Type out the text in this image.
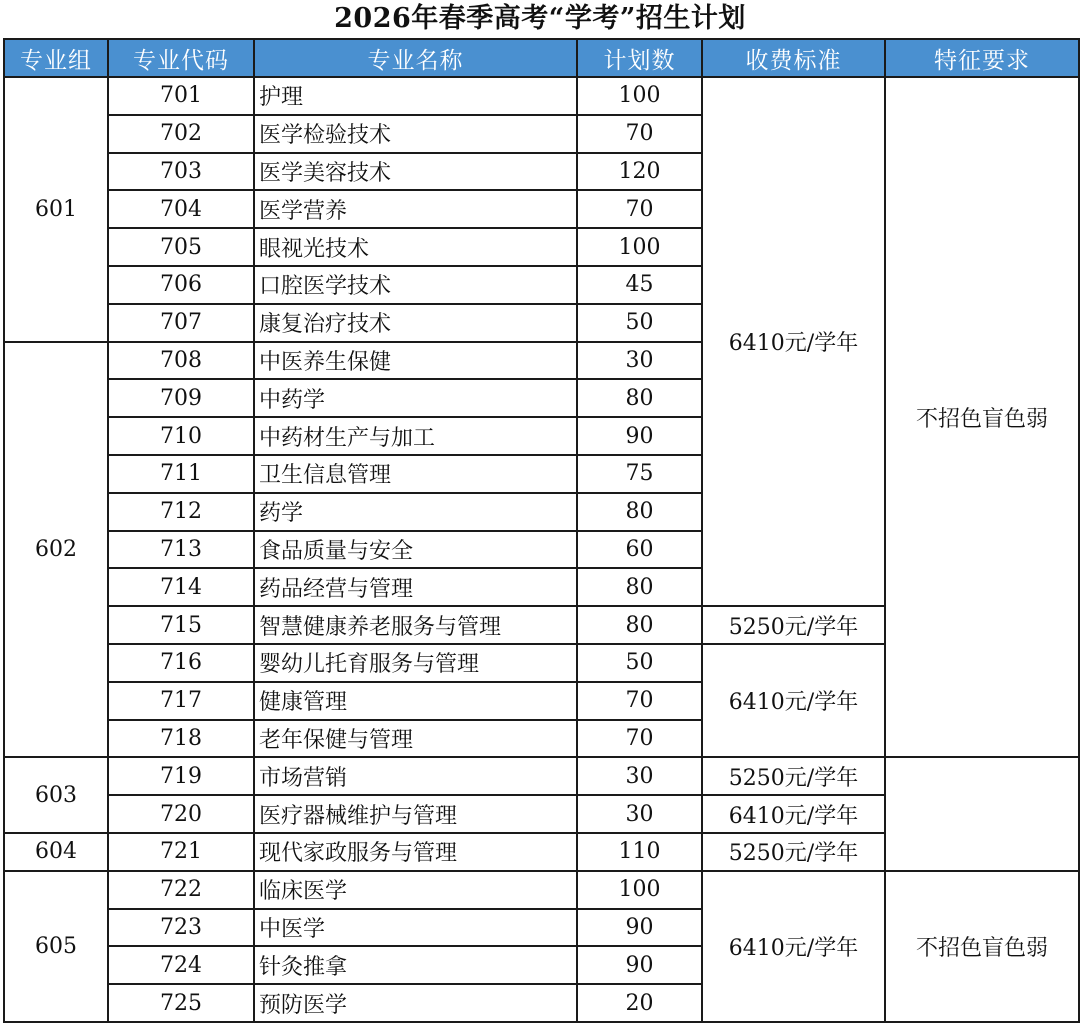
2026年春季高考“学考”招生计划
专业组	专业代码	专业名称	计划数	收费标准	特征要求
601	701	护理	100	6410元/学年	不招色盲色弱
	702	医学检验技术	70		
	703	医学美容技术	120		
	704	医学营养	70		
	705	眼视光技术	100		
	706	口腔医学技术	45		
	707	康复治疗技术	50		
602	708	中医养生保健	30		
	709	中药学	80		
	710	中药材生产与加工	90		
	711	卫生信息管理	75		
	712	药学	80		
	713	食品质量与安全	60		
	714	药品经营与管理	80		
	715	智慧健康养老服务与管理	80	5250元/学年	
	716	婴幼儿托育服务与管理	50	6410元/学年	
	717	健康管理	70		
	718	老年保健与管理	70		
603	719	市场营销	30	5250元/学年	
	720	医疗器械维护与管理	30	6410元/学年	
604	721	现代家政服务与管理	110	5250元/学年	
605	722	临床医学	100	6410元/学年	不招色盲色弱
	723	中医学	90		
	724	针灸推拿	90		
	725	预防医学	20		
